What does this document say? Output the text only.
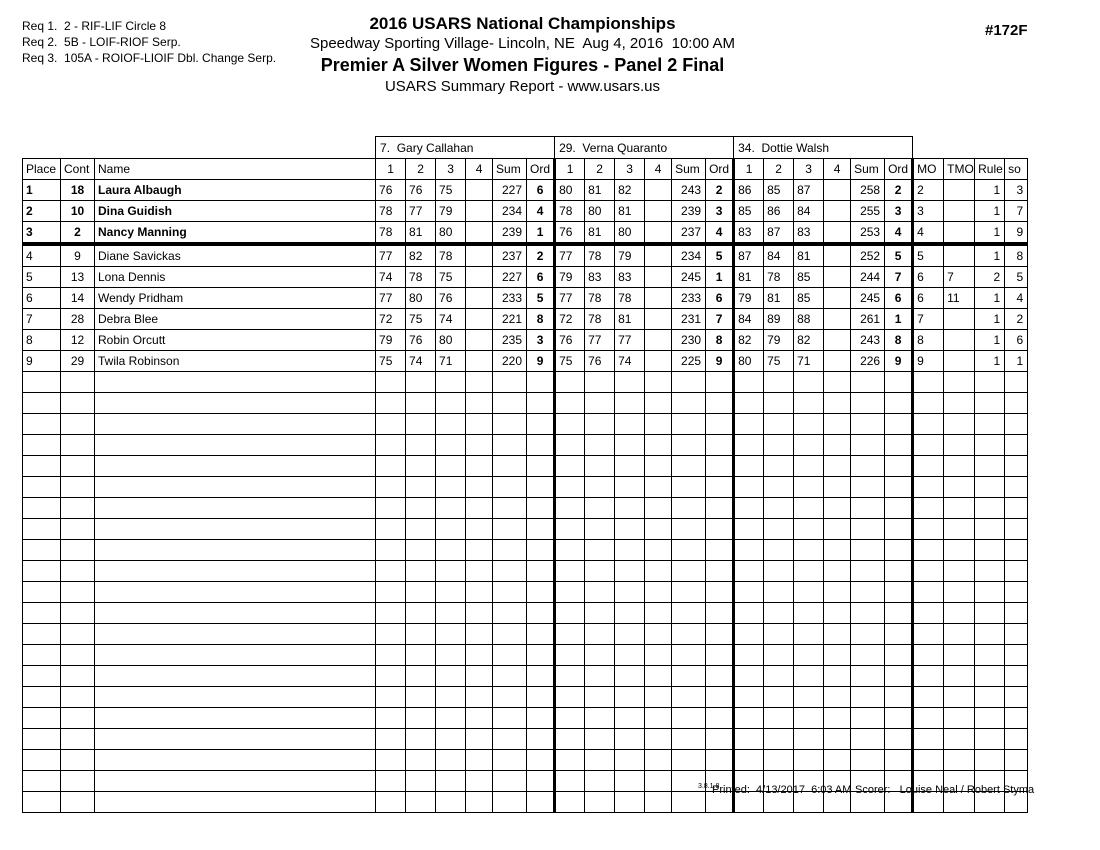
Req 1.  2 - RIF-LIF Circle 8
Req 2.  5B - LOIF-RIOF Serp.
Req 3.  105A - ROIOF-LIOIF Dbl. Change Serp.
2016 USARS National Championships
Speedway Sporting Village- Lincoln, NE  Aug 4, 2016  10:00 AM
Premier A Silver Women Figures - Panel 2 Final
USARS Summary Report - www.usars.us
#172F
			7.  Gary Callahan						29.  Verna Quaranto						34.  Dottie Walsh									
Place	Cont	Name	1	2	3	4	Sum	Ord	1	2	3	4	Sum	Ord	1	2	3	4	Sum	Ord	MO	TMO	Rule	so
1	18	Laura Albaugh	76	76	75		227	6	80	81	82		243	2	86	85	87		258	2	2		1	3
2	10	Dina Guidish	78	77	79		234	4	78	80	81		239	3	85	86	84		255	3	3		1	7
3	2	Nancy Manning	78	81	80		239	1	76	81	80		237	4	83	87	83		253	4	4		1	9
4	9	Diane Savickas	77	82	78		237	2	77	78	79		234	5	87	84	81		252	5	5		1	8
5	13	Lona Dennis	74	78	75		227	6	79	83	83		245	1	81	78	85		244	7	6	7	2	5
6	14	Wendy Pridham	77	80	76		233	5	77	78	78		233	6	79	81	85		245	6	6	11	1	4
7	28	Debra Blee	72	75	74		221	8	72	78	81		231	7	84	89	88		261	1	7		1	2
8	12	Robin Orcutt	79	76	80		235	3	76	77	77		230	8	82	79	82		243	8	8		1	6
9	29	Twila Robinson	75	74	71		220	9	75	76	74		225	9	80	75	71		226	9	9		1	1

3.8.1.8
Printed:  4/13/2017  6:03 AM Scorer:   Louise Neal / Robert Styma
